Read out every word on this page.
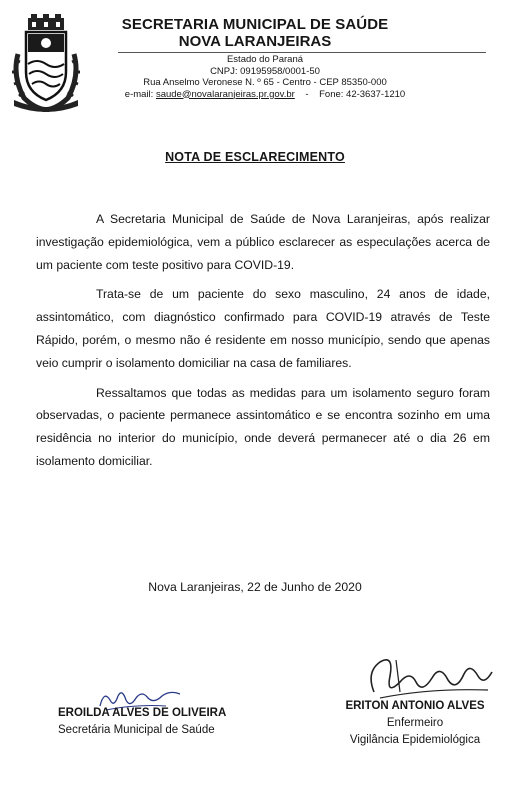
SECRETARIA MUNICIPAL DE SAÚDE
NOVA LARANJEIRAS
Estado do Paraná
CNPJ: 09195958/0001-50
Rua Anselmo Veronese N. º 65 - Centro - CEP 85350-000
e-mail: saude@novalaranjeiras.pr.gov.br - Fone: 42-3637-1210
NOTA DE ESCLARECIMENTO

A Secretaria Municipal de Saúde de Nova Laranjeiras, após realizar investigação epidemiológica, vem a público esclarecer as especulações acerca de um paciente com teste positivo para COVID-19.

Trata-se de um paciente do sexo masculino, 24 anos de idade, assintomático, com diagnóstico confirmado para COVID-19 através de Teste Rápido, porém, o mesmo não é residente em nosso município, sendo que apenas veio cumprir o isolamento domiciliar na casa de familiares.

Ressaltamos que todas as medidas para um isolamento seguro foram observadas, o paciente permanece assintomático e se encontra sozinho em uma residência no interior do município, onde deverá permanecer até o dia 26 em isolamento domiciliar.

Nova Laranjeiras, 22 de Junho de 2020
EROILDA ALVES DE OLIVEIRA
Secretária Municipal de Saúde
ERITON ANTONIO ALVES
Enfermeiro
Vigilância Epidemiológica
